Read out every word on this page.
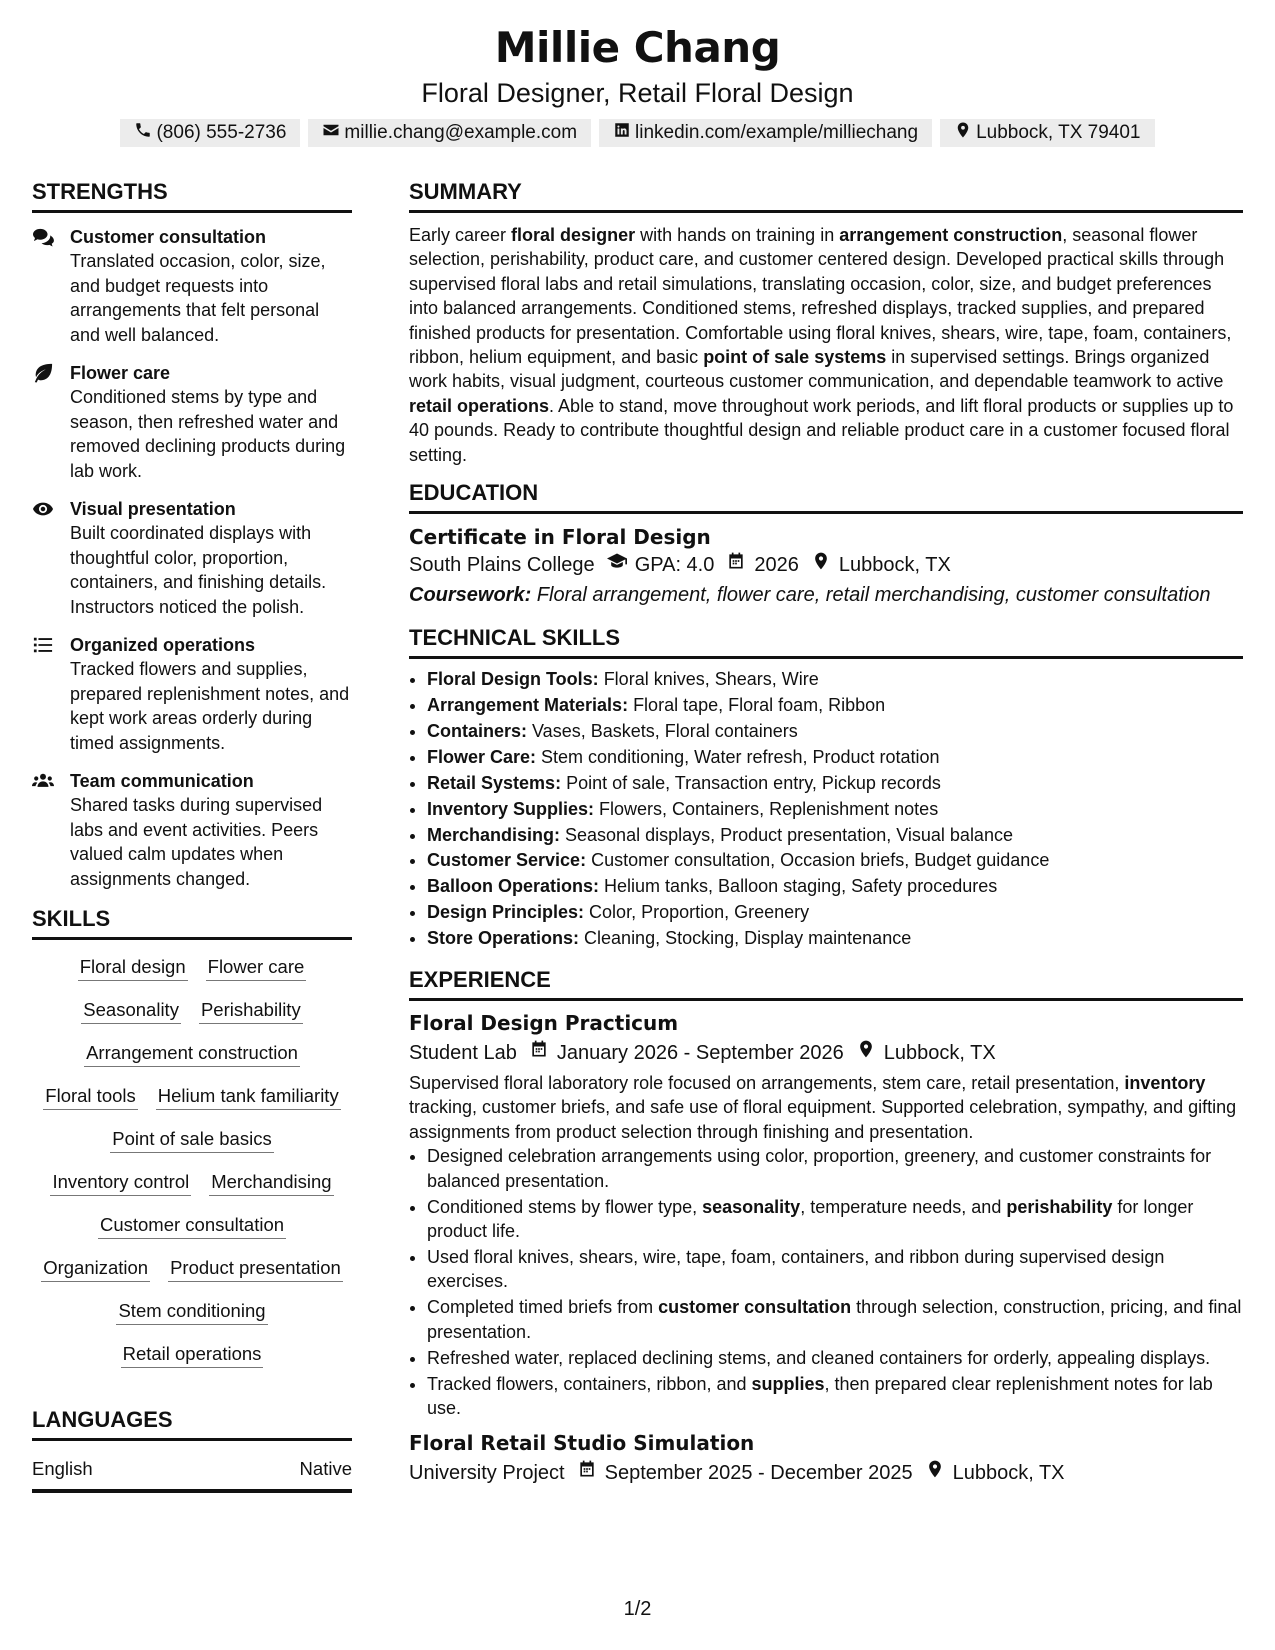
Millie Chang
Floral Designer, Retail Floral Design
(806) 555-2736	millie.chang@example.com	linkedin.com/example/milliechang	Lubbock, TX 79401
STRENGTHS
Customer consultation
Translated occasion, color, size, and budget requests into arrangements that felt personal and well balanced.
Flower care
Conditioned stems by type and season, then refreshed water and removed declining products during lab work.
Visual presentation
Built coordinated displays with thoughtful color, proportion, containers, and finishing details. Instructors noticed the polish.
Organized operations
Tracked flowers and supplies, prepared replenishment notes, and kept work areas orderly during timed assignments.
Team communication
Shared tasks during supervised labs and event activities. Peers valued calm updates when assignments changed.
SKILLS
Floral design Flower care
Seasonality Perishability
Arrangement construction
Floral tools Helium tank familiarity
Point of sale basics
Inventory control Merchandising
Customer consultation
Organization Product presentation
Stem conditioning
Retail operations
LANGUAGES
English	Native
SUMMARY
Early career floral designer with hands on training in arrangement construction, seasonal flower selection, perishability, product care, and customer centered design. Developed practical skills through supervised floral labs and retail simulations, translating occasion, color, size, and budget preferences into balanced arrangements. Conditioned stems, refreshed displays, tracked supplies, and prepared finished products for presentation. Comfortable using floral knives, shears, wire, tape, foam, containers, ribbon, helium equipment, and basic point of sale systems in supervised settings. Brings organized work habits, visual judgment, courteous customer communication, and dependable teamwork to active retail operations. Able to stand, move throughout work periods, and lift floral products or supplies up to 40 pounds. Ready to contribute thoughtful design and reliable product care in a customer focused floral setting.
EDUCATION
Certificate in Floral Design
South Plains College GPA: 4.0 2026 Lubbock, TX
Coursework: Floral arrangement, flower care, retail merchandising, customer consultation
TECHNICAL SKILLS
• Floral Design Tools: Floral knives, Shears, Wire
• Arrangement Materials: Floral tape, Floral foam, Ribbon
• Containers: Vases, Baskets, Floral containers
• Flower Care: Stem conditioning, Water refresh, Product rotation
• Retail Systems: Point of sale, Transaction entry, Pickup records
• Inventory Supplies: Flowers, Containers, Replenishment notes
• Merchandising: Seasonal displays, Product presentation, Visual balance
• Customer Service: Customer consultation, Occasion briefs, Budget guidance
• Balloon Operations: Helium tanks, Balloon staging, Safety procedures
• Design Principles: Color, Proportion, Greenery
• Store Operations: Cleaning, Stocking, Display maintenance
EXPERIENCE
Floral Design Practicum
Student Lab January 2026 - September 2026 Lubbock, TX
Supervised floral laboratory role focused on arrangements, stem care, retail presentation, inventory tracking, customer briefs, and safe use of floral equipment. Supported celebration, sympathy, and gifting assignments from product selection through finishing and presentation.
• Designed celebration arrangements using color, proportion, greenery, and customer constraints for balanced presentation.
• Conditioned stems by flower type, seasonality, temperature needs, and perishability for longer product life.
• Used floral knives, shears, wire, tape, foam, containers, and ribbon during supervised design exercises.
• Completed timed briefs from customer consultation through selection, construction, pricing, and final presentation.
• Refreshed water, replaced declining stems, and cleaned containers for orderly, appealing displays.
• Tracked flowers, containers, ribbon, and supplies, then prepared clear replenishment notes for lab use.
Floral Retail Studio Simulation
University Project September 2025 - December 2025 Lubbock, TX
1/2
